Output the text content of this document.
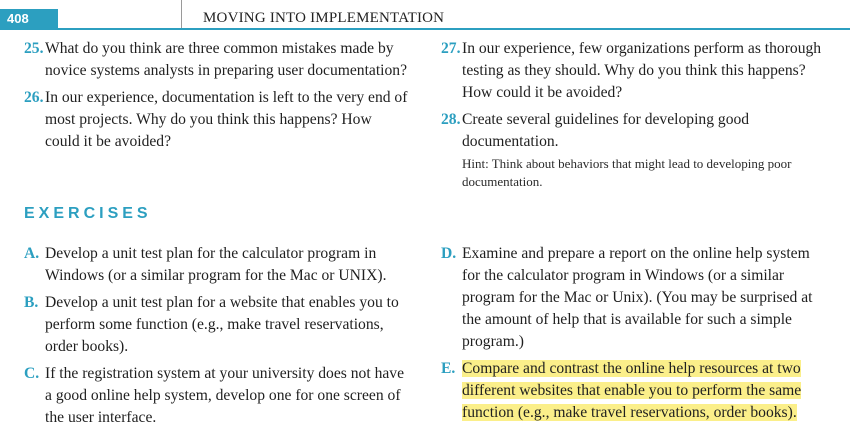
408	MOVING INTO IMPLEMENTATION
25. What do you think are three common mistakes made by novice systems analysts in preparing user documentation?
26. In our experience, documentation is left to the very end of most projects. Why do you think this happens? How could it be avoided?
27. In our experience, few organizations perform as thorough testing as they should. Why do you think this happens? How could it be avoided?
28. Create several guidelines for developing good documentation.
Hint: Think about behaviors that might lead to developing poor documentation.
EXERCISES
A. Develop a unit test plan for the calculator program in Windows (or a similar program for the Mac or UNIX).
B. Develop a unit test plan for a website that enables you to perform some function (e.g., make travel reservations, order books).
C. If the registration system at your university does not have a good online help system, develop one for one screen of the user interface.
D. Examine and prepare a report on the online help system for the calculator program in Windows (or a similar program for the Mac or Unix). (You may be surprised at the amount of help that is available for such a simple program.)
E. Compare and contrast the online help resources at two different websites that enable you to perform the same function (e.g., make travel reservations, order books).
